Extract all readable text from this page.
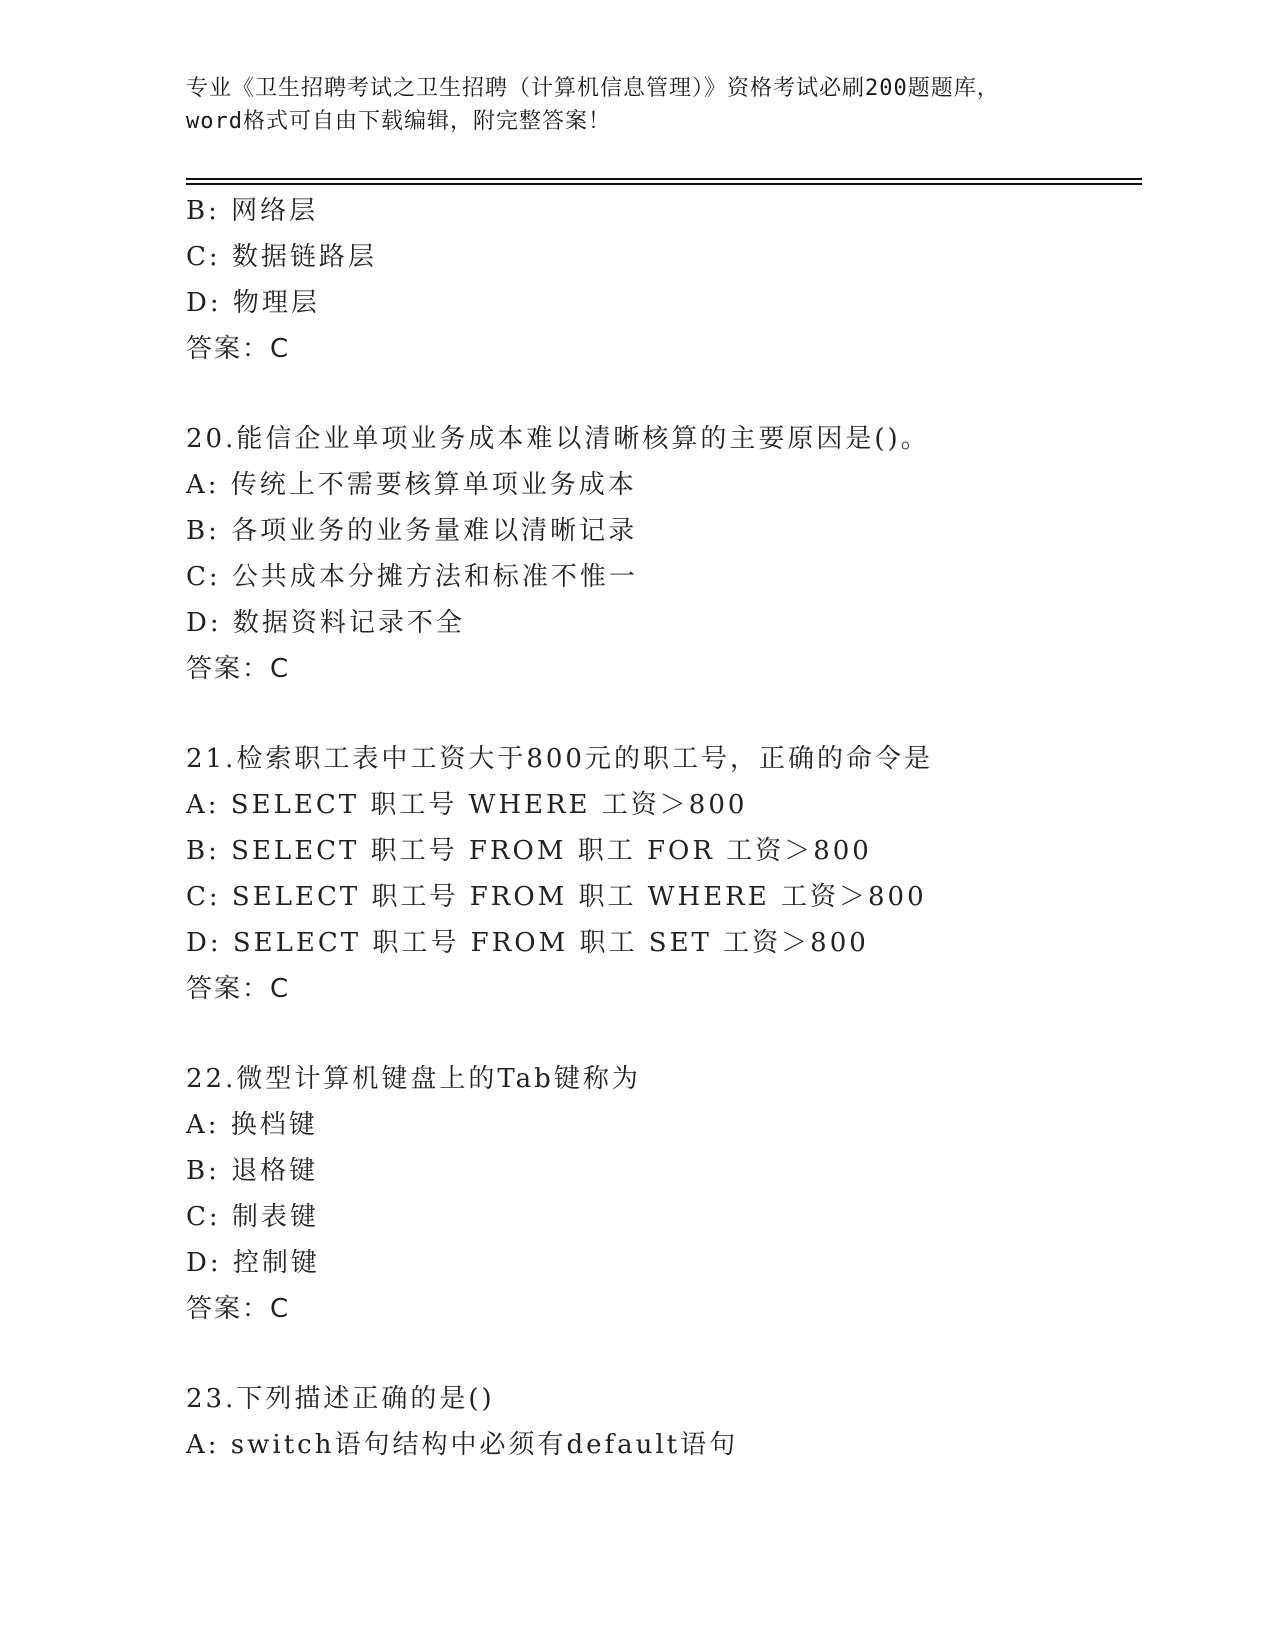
专业《卫生招聘考试之卫生招聘（计算机信息管理）》资格考试必刷200题题库，
word格式可自由下载编辑，附完整答案！
B: 网络层
C: 数据链路层
D: 物理层
答案：C
20.能信企业单项业务成本难以清晰核算的主要原因是()。
A: 传统上不需要核算单项业务成本
B: 各项业务的业务量难以清晰记录
C: 公共成本分摊方法和标准不惟一
D: 数据资料记录不全
答案：C
21.检索职工表中工资大于800元的职工号，正确的命令是
A: SELECT 职工号 WHERE 工资＞800
B: SELECT 职工号 FROM 职工 FOR 工资＞800
C: SELECT 职工号 FROM 职工 WHERE 工资＞800
D: SELECT 职工号 FROM 职工 SET 工资＞800
答案：C
22.微型计算机键盘上的Tab键称为
A: 换档键
B: 退格键
C: 制表键
D: 控制键
答案：C
23.下列描述正确的是()
A: switch语句结构中必须有default语句
